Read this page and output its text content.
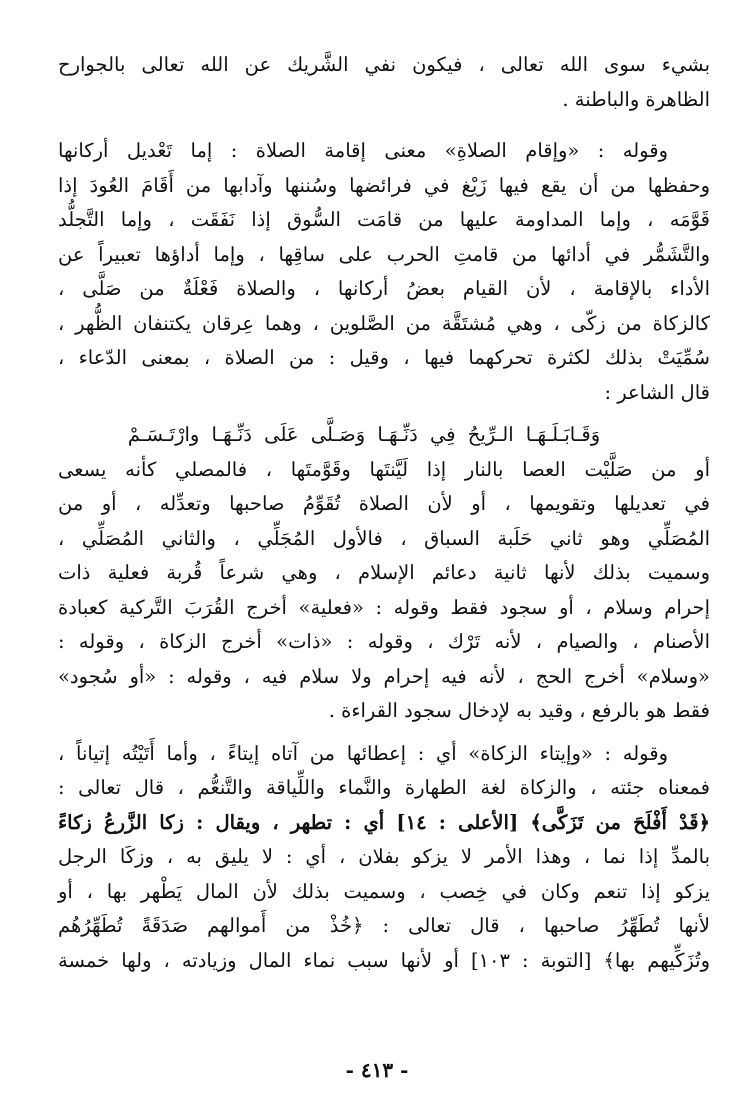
بشيء سوى الله تعالى ، فيكون نفي الشَّريك عن الله تعالى بالجوارح
الظاهرة والباطنة .
وقوله : «وإقام الصلاةِ» معنى إقامة الصلاة : إما تَعْديل أركانها
وحفظها من أن يقع فيها زَيْغ في فرائضها وسُننها وآدابها من أَقَامَ العُودَ إذا
قَوَّمَه ، وإما المداومة عليها من قامَت السُّوق إذا نَفَقَت ، وإما التَّجلُّد
والتَّشَمُّر في أدائها من قامتِ الحرب على ساقِها ، وإما أداؤها تعبيراً عن
الأداء بالإقامة ، لأن القيام بعضُ أركانها ، والصلاة فَعْلَةٌ من صَلَّى ،
كالزكاة من زكّى ، وهي مُشتَقَّة من الصَّلوين ، وهما عِرقان يكتنفان الظُّهر ،
سُمِّيَتْ بذلك لكثرة تحركهما فيها ، وقيل : من الصلاة ، بمعنى الدّعاء ،
قال الشاعر :
وَقَـابَـلَـهَـا الـرِّيحُ فِي دَنِّـهَـا وَصَـلَّى عَلَى دَنِّـهَـا وارْتَـسَـمْ
أو من صَلَّيْت العصا بالنار إذا لَيَّنتَها وقَوَّمتَها ، فالمصلي كأنه يسعى
في تعديلها وتقويمها ، أو لأن الصلاة تُقَوِّمُ صاحبها وتعدِّله ، أو من
المُصَلِّي وهو ثاني حَلَبة السباق ، فالأول المُجَلِّي ، والثاني المُصَلِّي ،
وسميت بذلك لأنها ثانية دعائم الإسلام ، وهي شرعاً قُربة فعلية ذات
إحرام وسلام ، أو سجود فقط وقوله : «فعلية» أخرج القُرَبَ التَّركية كعبادة
الأصنام ، والصيام ، لأنه تَرْك ، وقوله : «ذات» أخرج الزكاة ، وقوله :
«وسلام» أخرج الحج ، لأنه فيه إحرام ولا سلام فيه ، وقوله : «أو سُجود»
فقط هو بالرفع ، وقيد به لإدخال سجود القراءة .
وقوله : «وإيتاء الزكاة» أي : إعطائها من آتاه إيتاءً ، وأما أَتَيْتُه إتياناً ،
فمعناه جئته ، والزكاة لغة الطهارة والنَّماء واللِّياقة والتَّنعُّم ، قال تعالى :
﴿قَدْ أَفْلَحَ من تَزَكَّى﴾ [الأعلى : ١٤] أي : تطهر ، ويقال : زكا الزَّرعُ زكاءً
بالمدِّ إذا نما ، وهذا الأمر لا يزكو بفلان ، أي : لا يليق به ، وزكَا الرجل
يزكو إذا تنعم وكان في خِصب ، وسميت بذلك لأن المال يَطْهر بها ، أو
لأنها تُطَهِّرُ صاحبها ، قال تعالى : ﴿خُذْ من أَموالهم صَدَقَةً تُطَهِّرُهُم
وتُزَكِّيهم بها﴾ [التوبة : ١٠٣] أو لأنها سبب نماء المال وزيادته ، ولها خمسة
- ٤١٣ -
